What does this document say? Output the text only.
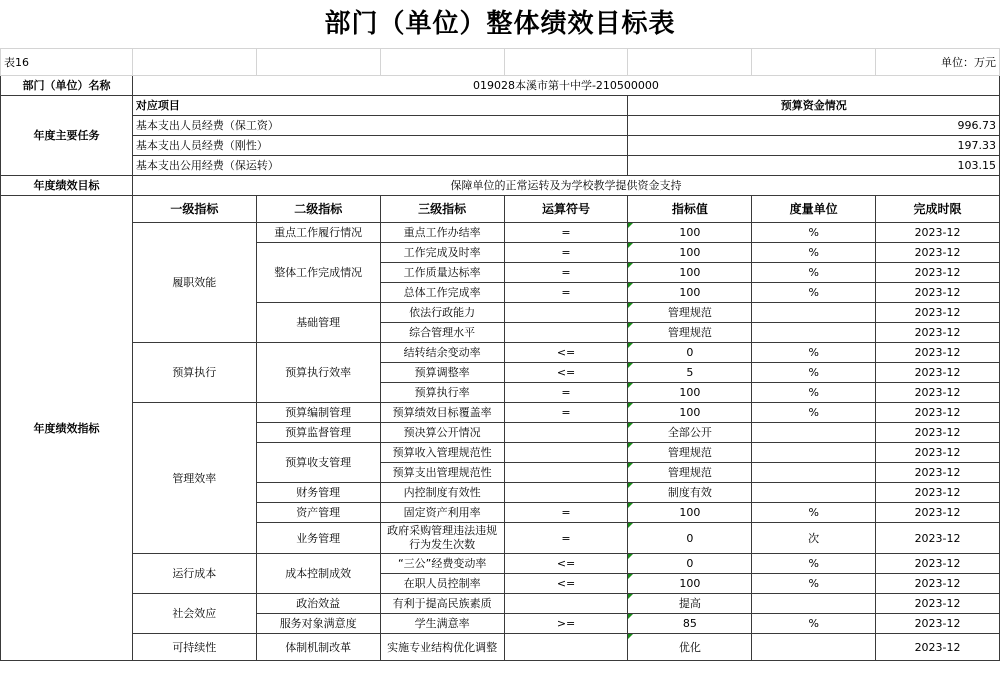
部门（单位）整体绩效目标表
表16							单位：万元
部门（单位）名称	019028本溪市第十中学-210500000						
年度主要任务	对应项目				预算资金情况		
	基本支出人员经费（保工资）				996.73		
	基本支出人员经费（刚性）				197.33		
	基本支出公用经费（保运转）				103.15		
年度绩效目标	保障单位的正常运转及为学校教学提供资金支持						
年度绩效指标	一级指标	二级指标	三级指标	运算符号	指标值	度量单位	完成时限
	履职效能	重点工作履行情况	重点工作办结率	=	100	%	2023-12
		整体工作完成情况	工作完成及时率	=	100	%	2023-12
			工作质量达标率	=	100	%	2023-12
			总体工作完成率	=	100	%	2023-12
		基础管理	依法行政能力		管理规范		2023-12
			综合管理水平		管理规范		2023-12
	预算执行	预算执行效率	结转结余变动率	<=	0	%	2023-12
			预算调整率	<=	5	%	2023-12
			预算执行率	=	100	%	2023-12
	管理效率	预算编制管理	预算绩效目标覆盖率	=	100	%	2023-12
		预算监督管理	预决算公开情况		全部公开		2023-12
		预算收支管理	预算收入管理规范性		管理规范		2023-12
			预算支出管理规范性		管理规范		2023-12
		财务管理	内控制度有效性		制度有效		2023-12
		资产管理	固定资产利用率	=	100	%	2023-12
		业务管理	政府采购管理违法违规行为发生次数	=	0	次	2023-12
	运行成本	成本控制成效	“三公”经费变动率	<=	0	%	2023-12
			在职人员控制率	<=	100	%	2023-12
	社会效应	政治效益	有利于提高民族素质		提高		2023-12
		服务对象满意度	学生满意率	>=	85	%	2023-12
	可持续性	体制机制改革	实施专业结构优化调整		优化		2023-12
